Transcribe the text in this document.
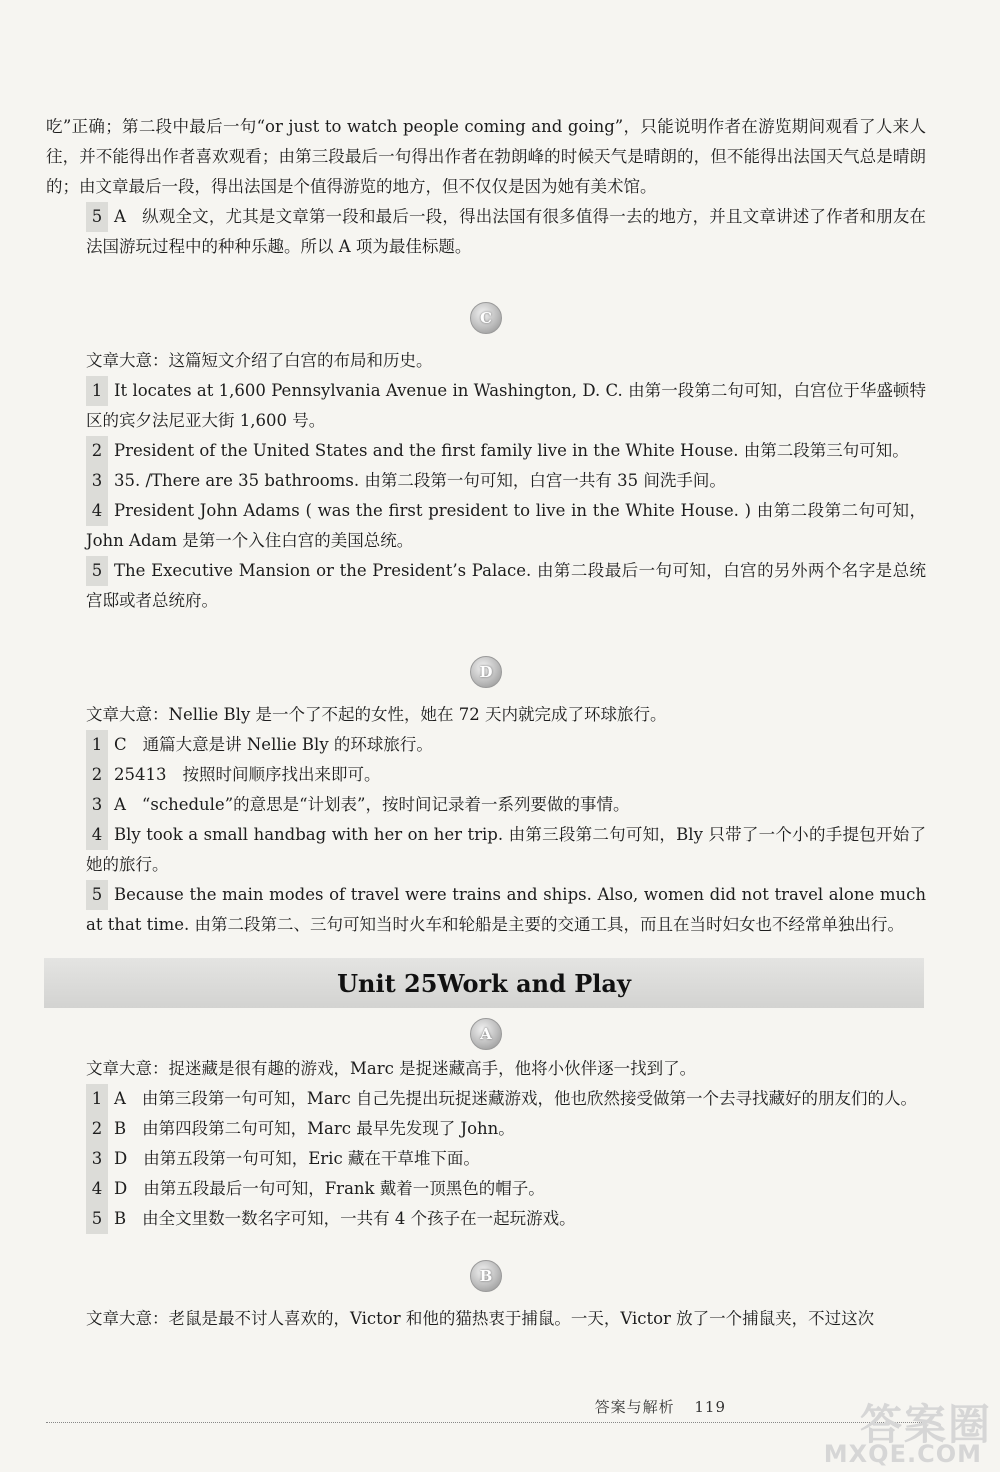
吃”正确；第二段中最后一句“or just to watch people coming and going”，只能说明作者在游览期间观看了人来人往，并不能得出作者喜欢观看；由第三段最后一句得出作者在勃朗峰的时候天气是晴朗的，但不能得出法国天气总是晴朗的；由文章最后一段，得出法国是个值得游览的地方，但不仅仅是因为她有美术馆。

5 A 纵观全文，尤其是文章第一段和最后一段，得出法国有很多值得一去的地方，并且文章讲述了作者和朋友在法国游玩过程中的种种乐趣。所以 A 项为最佳标题。

C

文章大意：这篇短文介绍了白宫的布局和历史。

1 It locates at 1,600 Pennsylvania Avenue in Washington, D. C. 由第一段第二句可知，白宫位于华盛顿特区的宾夕法尼亚大街 1,600 号。

2 President of the United States and the first family live in the White House. 由第二段第三句可知。

3 35. /There are 35 bathrooms. 由第二段第一句可知，白宫一共有 35 间洗手间。

4 President John Adams ( was the first president to live in the White House. ) 由第二段第二句可知，John Adam 是第一个入住白宫的美国总统。

5 The Executive Mansion or the President’s Palace. 由第二段最后一句可知，白宫的另外两个名字是总统宫邸或者总统府。

D

文章大意：Nellie Bly 是一个了不起的女性，她在 72 天内就完成了环球旅行。

1 C 通篇大意是讲 Nellie Bly 的环球旅行。

2 25413 按照时间顺序找出来即可。

3 A “schedule”的意思是“计划表”，按时间记录着一系列要做的事情。

4 Bly took a small handbag with her on her trip. 由第三段第二句可知，Bly 只带了一个小的手提包开始了她的旅行。

5 Because the main modes of travel were trains and ships. Also, women did not travel alone much at that time. 由第二段第二、三句可知当时火车和轮船是主要的交通工具，而且在当时妇女也不经常单独出行。

Unit 25 Work and Play
A

文章大意：捉迷藏是很有趣的游戏，Marc 是捉迷藏高手，他将小伙伴逐一找到了。

1 A 由第三段第一句可知，Marc 自己先提出玩捉迷藏游戏，他也欣然接受做第一个去寻找藏好的朋友们的人。

2 B 由第四段第二句可知，Marc 最早先发现了 John。

3 D 由第五段第一句可知，Eric 藏在干草堆下面。

4 D 由第五段最后一句可知，Frank 戴着一顶黑色的帽子。

5 B 由全文里数一数名字可知，一共有 4 个孩子在一起玩游戏。

B

文章大意：老鼠是最不讨人喜欢的，Victor 和他的猫热衷于捕鼠。一天，Victor 放了一个捕鼠夹，不过这次

答案与解析 119	答案圈
MXQE.COM
